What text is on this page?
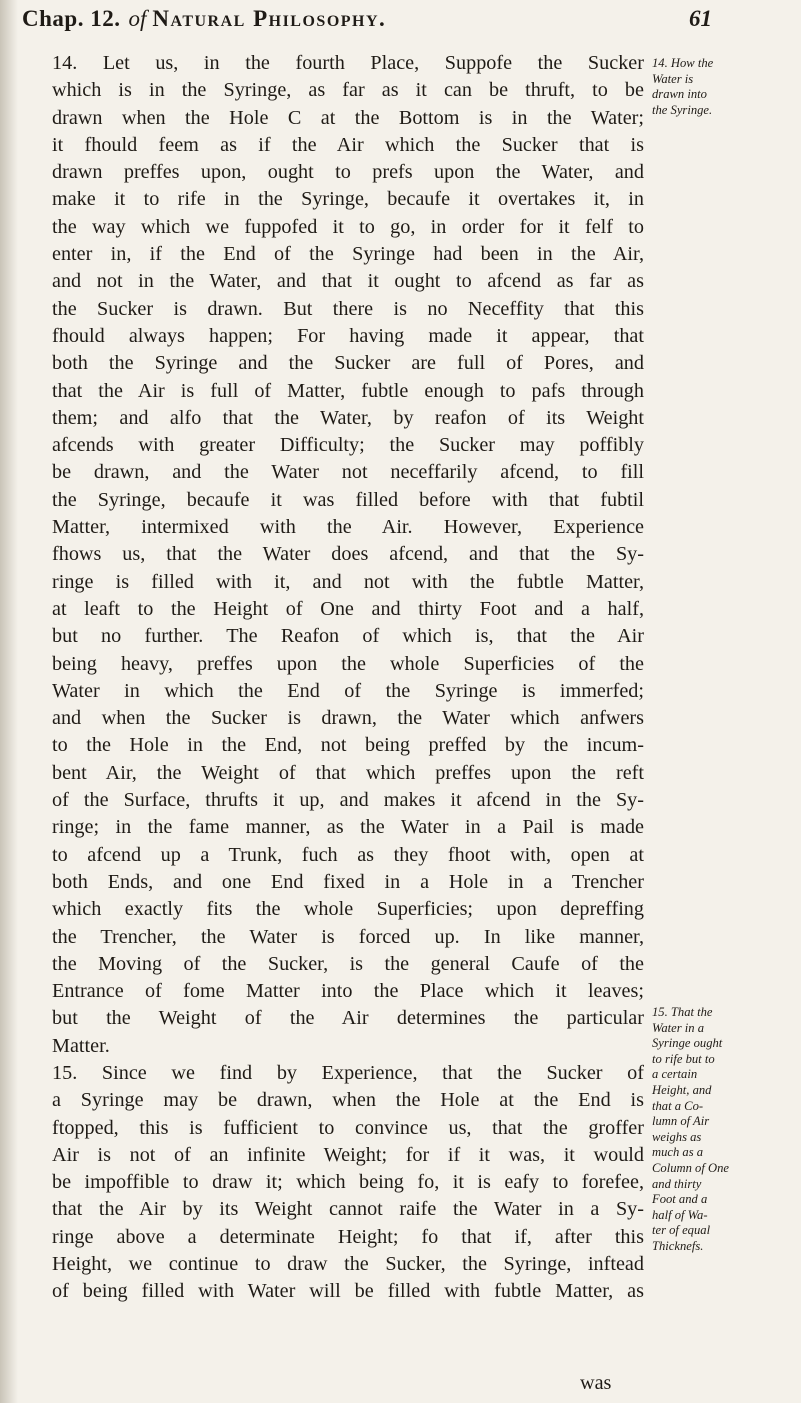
Chap. 12. of Natural Philosophy.	61
14. Let us, in the fourth Place, Suppofe the Sucker
which is in the Syringe, as far as it can be thruft, to be
drawn when the Hole C at the Bottom is in the Water;
it fhould feem as if the Air which the Sucker that is
drawn preffes upon, ought to prefs upon the Water, and
make it to rife in the Syringe, becaufe it overtakes it, in
the way which we fuppofed it to go, in order for it felf to
enter in, if the End of the Syringe had been in the Air,
and not in the Water, and that it ought to afcend as far as
the Sucker is drawn. But there is no Neceffity that this
fhould always happen; For having made it appear, that
both the Syringe and the Sucker are full of Pores, and
that the Air is full of Matter, fubtle enough to pafs through
them; and alfo that the Water, by reafon of its Weight
afcends with greater Difficulty; the Sucker may poffibly
be drawn, and the Water not neceffarily afcend, to fill
the Syringe, becaufe it was filled before with that fubtil
Matter, intermixed with the Air. However, Experience
fhows us, that the Water does afcend, and that the Sy-
ringe is filled with it, and not with the fubtle Matter,
at leaft to the Height of One and thirty Foot and a half,
but no further. The Reafon of which is, that the Air
being heavy, preffes upon the whole Superficies of the
Water in which the End of the Syringe is immerfed;
and when the Sucker is drawn, the Water which anfwers
to the Hole in the End, not being preffed by the incum-
bent Air, the Weight of that which preffes upon the reft
of the Surface, thrufts it up, and makes it afcend in the Sy-
ringe; in the fame manner, as the Water in a Pail is made
to afcend up a Trunk, fuch as they fhoot with, open at
both Ends, and one End fixed in a Hole in a Trencher
which exactly fits the whole Superficies; upon depreffing
the Trencher, the Water is forced up. In like manner,
the Moving of the Sucker, is the general Caufe of the
Entrance of fome Matter into the Place which it leaves;
but the Weight of the Air determines the particular
Matter.
15. Since we find by Experience, that the Sucker of
a Syringe may be drawn, when the Hole at the End is
ftopped, this is fufficient to convince us, that the groffer
Air is not of an infinite Weight; for if it was, it would
be impoffible to draw it; which being fo, it is eafy to forefee,
that the Air by its Weight cannot raife the Water in a Sy-
ringe above a determinate Height; fo that if, after this
Height, we continue to draw the Sucker, the Syringe, inftead
of being filled with Water will be filled with fubtle Matter, as
was
14. How the
Water is
drawn into
the Syringe.
15. That the
Water in a
Syringe ought
to rife but to
a certain
Height, and
that a Co-
lumn of Air
weighs as
much as a
Column of One
and thirty
Foot and a
half of Wa-
ter of equal
Thicknefs.
